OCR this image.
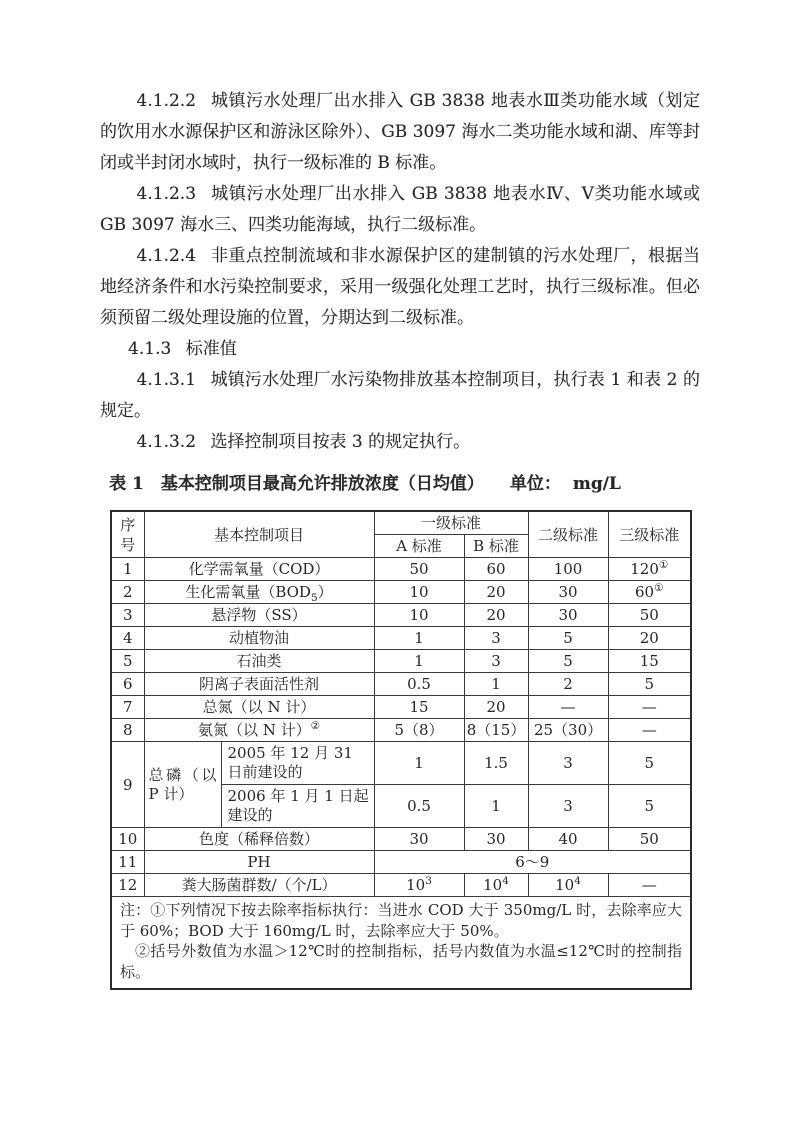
4.1.2.2 城镇污水处理厂出水排入 GB 3838 地表水Ⅲ类功能水域（划定的饮用水水源保护区和游泳区除外）、GB 3097 海水二类功能水域和湖、库等封闭或半封闭水域时，执行一级标准的 B 标准。

4.1.2.3 城镇污水处理厂出水排入 GB 3838 地表水Ⅳ、Ⅴ类功能水域或 GB 3097 海水三、四类功能海域，执行二级标准。

4.1.2.4 非重点控制流域和非水源保护区的建制镇的污水处理厂，根据当地经济条件和水污染控制要求，采用一级强化处理工艺时，执行三级标准。但必须预留二级处理设施的位置，分期达到二级标准。

4.1.3 标准值

4.1.3.1 城镇污水处理厂水污染物排放基本控制项目，执行表 1 和表 2 的规定。

4.1.3.2 选择控制项目按表 3 的规定执行。

表 1　基本控制项目最高允许排放浓度（日均值） 单位： mg/L
序号	基本控制项目		一级标准		二级标准	三级标准
			A 标准	B 标准		
1	化学需氧量（COD）		50	60	100	120①
2	生化需氧量$(BOD_5)$		10	20	30	60①
3	悬浮物（SS）		10	20	30	50
4	动植物油		1	3	5	20
5	石油类		1	3	5	15
6	阴离子表面活性剂		0.5	1	2	5
7	总氮（以 N 计）		15	20	—	—
8	氨氮（以 N 计）②		5（8）	8（15）	25（30）	—
9	总磷（以 P 计）	2005 年 12 月 31 日前建设的	1	1.5	3	5
		2006 年 1 月 1 日起建设的	0.5	1	3	5
10	色度（稀释倍数）		30	30	40	50
11	PH		6～9			
12	粪大肠菌群数/（个/L）		$10^3$	$10^4$	$10^4$	—

注：①下列情况下按去除率指标执行：当进水 COD 大于 350mg/L 时，去除率应大于 60%；BOD 大于 160mg/L 时，去除率应大于 50%。
②括号外数值为水温＞12℃时的控制指标，括号内数值为水温≤12℃时的控制指标。						
